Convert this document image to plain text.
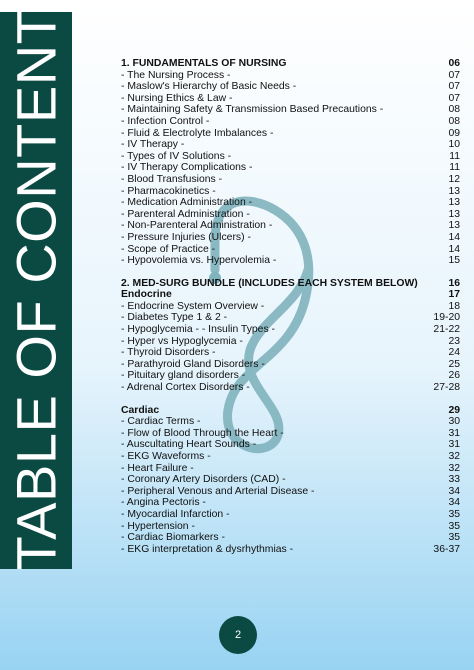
TABLE OF CONTENT	1. FUNDAMENTALS OF NURSING	06
- The Nursing Process -	07
- Maslow's Hierarchy of Basic Needs -	07
- Nursing Ethics & Law -	07
- Maintaining Safety & Transmission Based Precautions -	08
- Infection Control -	08
- Fluid & Electrolyte Imbalances -	09
- IV Therapy -	10
- Types of IV Solutions -	11
- IV Therapy Complications -	11
- Blood Transfusions -	12
- Pharmacokinetics -	13
- Medication Administration -	13
- Parenteral Administration -	13
- Non-Parenteral Administration -	13
- Pressure Injuries (Ulcers) -	14
- Scope of Practice -	14
- Hypovolemia vs. Hypervolemia -	15
2. MED-SURG BUNDLE (INCLUDES EACH SYSTEM BELOW)	16
Endocrine	17
- Endocrine System Overview -	18
- Diabetes Type 1 & 2 -	19-20
- Hypoglycemia - - Insulin Types -	21-22
- Hyper vs Hypoglycemia -	23
- Thyroid Disorders -	24
- Parathyroid Gland Disorders -	25
- Pituitary gland disorders -	26
- Adrenal Cortex Disorders -	27-28
Cardiac	29
- Cardiac Terms -	30
- Flow of Blood Through the Heart -	31
- Auscultating Heart Sounds -	31
- EKG Waveforms -	32
- Heart Failure -	32
- Coronary Artery Disorders (CAD) -	33
- Peripheral Venous and Arterial Disease -	34
- Angina Pectoris -	34
- Myocardial Infarction -	35
- Hypertension -	35
- Cardiac Biomarkers -	35
- EKG interpretation & dysrhythmias -	36-37
2
